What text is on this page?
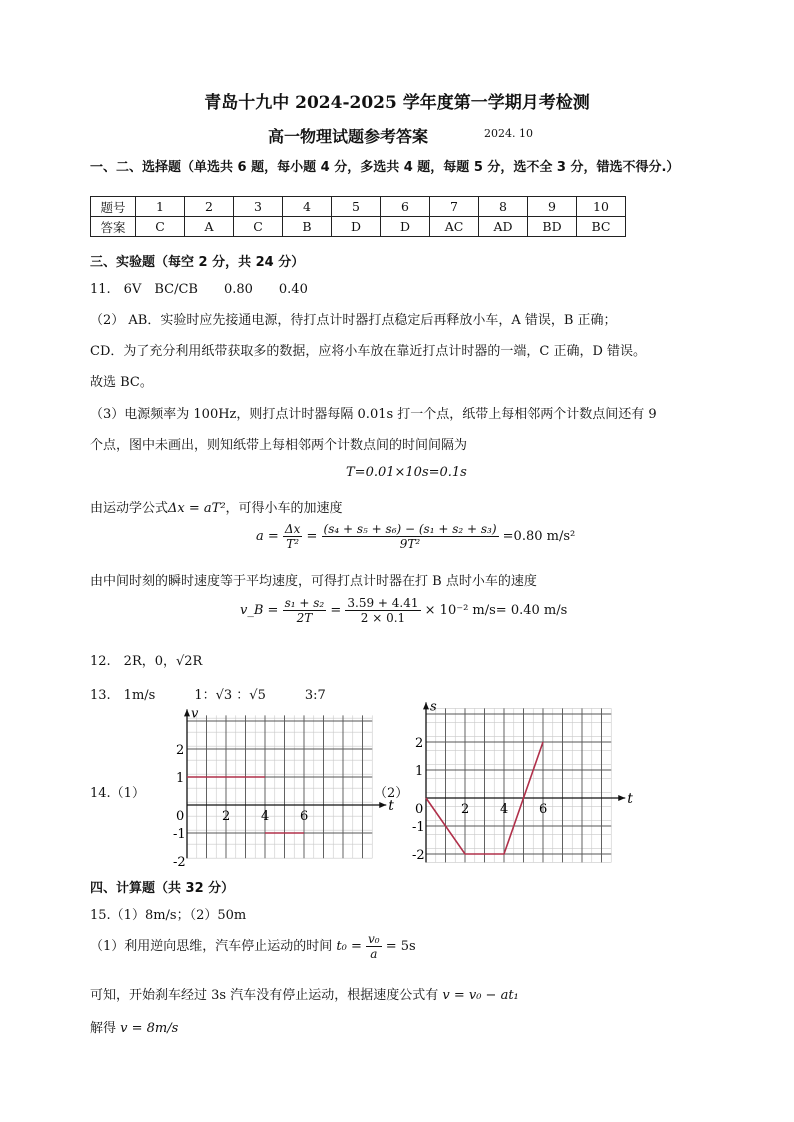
青岛十九中 2024-2025 学年度第一学期月考检测
高一物理试题参考答案	2024. 10
一、二、选择题（单选共 6 题，每小题 4 分，多选共 4 题，每题 5 分，选不全 3 分，错选不得分.）
题号	1	2	3	4	5	6	7	8	9	10
答案	C	A	C	B	D	D	AC	AD	BD	BC
三、实验题（每空 2 分，共 24 分）
11.　6V　BC/CB　　0.80　　0.40
（2） AB．实验时应先接通电源，待打点计时器打点稳定后再释放小车，A 错误，B 正确；
CD．为了充分利用纸带获取多的数据，应将小车放在靠近打点计时器的一端，C 正确，D 错误。
故选 BC。
（3）电源频率为 100Hz，则打点计时器每隔 0.01s 打一个点，纸带上每相邻两个计数点间还有 9
个点，图中未画出，则知纸带上每相邻两个计数点间的时间间隔为
T=0.01×10s=0.1s
由运动学公式Δx = aT²，可得小车的加速度
$a = \frac{\Delta x}{\text{T²}} = \frac{\text{(s₄ + s₅ + s₆) − (s₁ + s₂ + s₃)}}{\text{9T²}} =0.80$ m/s²
由中间时刻的瞬时速度等于平均速度，可得打点计时器在打 B 点时小车的速度
v_B = $\frac{\text{s₁ + s₂}}{2T} = \frac{3.59 + 4.41}{2 \times 0.1} \times 10^{-2}$ m/s= 0.40 m/s
12.　2R，0，√2R
13.　1m/s　　　1：√3 ：√5　　　3:7
14.（1）	（2）
t
v
0	2 4 6
2
1
-1
-2
t
s
0	2 4 6
2
1
-1
-2
四、计算题（共 32 分）
15.（1）8m/s；（2）50m
（1）利用逆向思维，汽车停止运动的时间 $t_0 = \frac{\text{v₀}}{a} = 5s$
可知，开始刹车经过 3s 汽车没有停止运动，根据速度公式有 v = v₀ − at₁
解得 v = 8m/s
